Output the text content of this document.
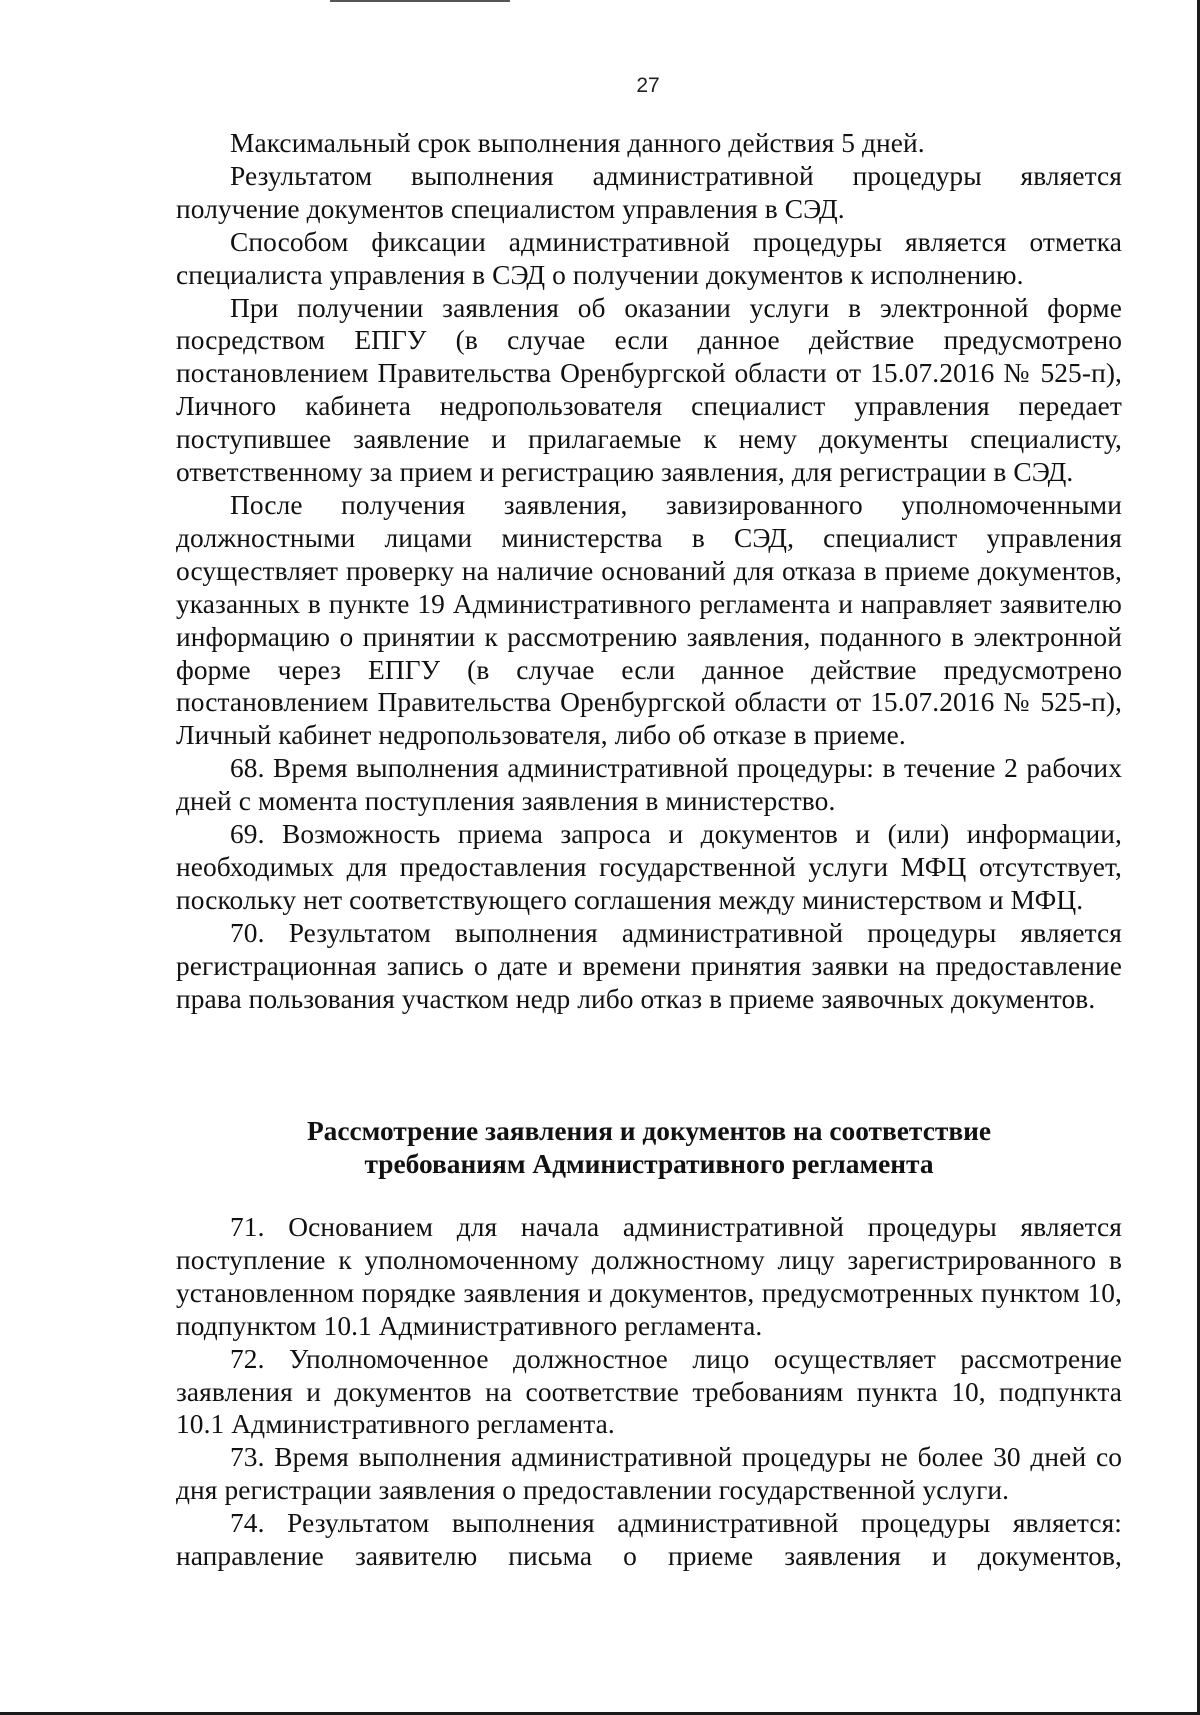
27

Максимальный срок выполнения данного действия 5 дней.

Результатом выполнения административной процедуры является получение документов специалистом управления в СЭД.

Способом фиксации административной процедуры является отметка специалиста управления в СЭД о получении документов к исполнению.

При получении заявления об оказании услуги в электронной форме посредством ЕПГУ (в случае если данное действие предусмотрено постановлением Правительства Оренбургской области от 15.07.2016 № 525-п), Личного кабинета недропользователя специалист управления передает поступившее заявление и прилагаемые к нему документы специалисту, ответственному за прием и регистрацию заявления, для регистрации в СЭД.

После получения заявления, завизированного уполномоченными должностными лицами министерства в СЭД, специалист управления осуществляет проверку на наличие оснований для отказа в приеме документов, указанных в пункте 19 Административного регламента и направляет заявителю информацию о принятии к рассмотрению заявления, поданного в электронной форме через ЕПГУ (в случае если данное действие предусмотрено постановлением Правительства Оренбургской области от 15.07.2016 № 525-п), Личный кабинет недропользователя, либо об отказе в приеме.

68. Время выполнения административной процедуры: в течение 2 рабочих дней с момента поступления заявления в министерство.

69. Возможность приема запроса и документов и (или) информации, необходимых для предоставления государственной услуги МФЦ отсутствует, поскольку нет соответствующего соглашения между министерством и МФЦ.

70. Результатом выполнения административной процедуры является регистрационная запись о дате и времени принятия заявки на предоставление права пользования участком недр либо отказ в приеме заявочных документов.

Рассмотрение заявления и документов на соответствие
требованиям Административного регламента

71. Основанием для начала административной процедуры является поступление к уполномоченному должностному лицу зарегистрированного в установленном порядке заявления и документов, предусмотренных пунктом 10, подпунктом 10.1 Административного регламента.

72. Уполномоченное должностное лицо осуществляет рассмотрение заявления и документов на соответствие требованиям пункта 10, подпункта 10.1 Административного регламента.

73. Время выполнения административной процедуры не более 30 дней со дня регистрации заявления о предоставлении государственной услуги.

74. Результатом выполнения административной процедуры является: направление заявителю письма о приеме заявления и документов,
